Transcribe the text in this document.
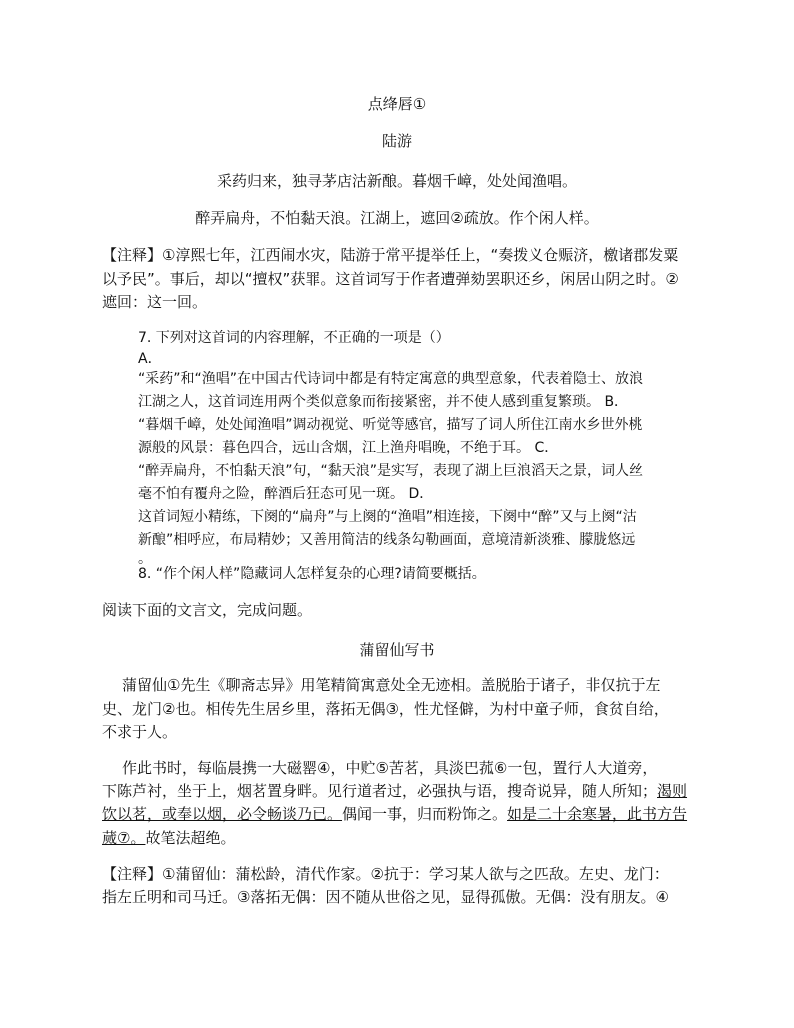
点绛唇①
陆游
采药归来，独寻茅店沽新酿。暮烟千嶂，处处闻渔唱。
醉弄扁舟，不怕黏天浪。江湖上，遮回②疏放。作个闲人样。
【注释】①淳熙七年，江西闹水灾，陆游于常平提举任上，“奏拨义仓赈济，檄诸郡发粟
以予民”。事后，却以“擅权”获罪。这首词写于作者遭弹劾罢职还乡，闲居山阴之时。②
遮回：这一回。
7. 下列对这首词的内容理解，不正确的一项是（）
A．
“采药”和“渔唱”在中国古代诗词中都是有特定寓意的典型意象，代表着隐士、放浪
江湖之人，这首词连用两个类似意象而衔接紧密，并不使人感到重复繁琐。 B．
“暮烟千嶂，处处闻渔唱”调动视觉、听觉等感官，描写了词人所住江南水乡世外桃
源般的风景：暮色四合，远山含烟，江上渔舟唱晚，不绝于耳。 C．
“醉弄扁舟，不怕黏天浪”句，“黏天浪”是实写，表现了湖上巨浪滔天之景，词人丝
毫不怕有覆舟之险，醉酒后狂态可见一斑。 D．
这首词短小精练，下阕的“扁舟”与上阕的“渔唱”相连接，下阕中“醉”又与上阕“沽
新酿”相呼应，布局精妙；又善用简洁的线条勾勒画面，意境清新淡雅、朦胧悠远
。
8. “作个闲人样”隐藏词人怎样复杂的心理?请简要概括。
阅读下面的文言文，完成问题。
蒲留仙写书
蒲留仙①先生《聊斋志异》用笔精简寓意处全无迹相。盖脱胎于诸子，非仅抗于左
史、龙门②也。相传先生居乡里，落拓无偶③，性尤怪僻，为村中童子师，食贫自给，
不求于人。
作此书时，每临晨携一大磁罂④，中贮⑤苦茗，具淡巴菰⑥一包，置行人大道旁，
下陈芦衬，坐于上，烟茗置身畔。见行道者过，必强执与语，搜奇说异，随人所知；渴则
饮以茗，或奉以烟，必令畅谈乃已。偶闻一事，归而粉饰之。如是二十余寒暑，此书方告
蒇⑦。故笔法超绝。
【注释】①蒲留仙：蒲松龄，清代作家。②抗于：学习某人欲与之匹敌。左史、龙门：
指左丘明和司马迁。③落拓无偶：因不随从世俗之见，显得孤傲。无偶：没有朋友。④
